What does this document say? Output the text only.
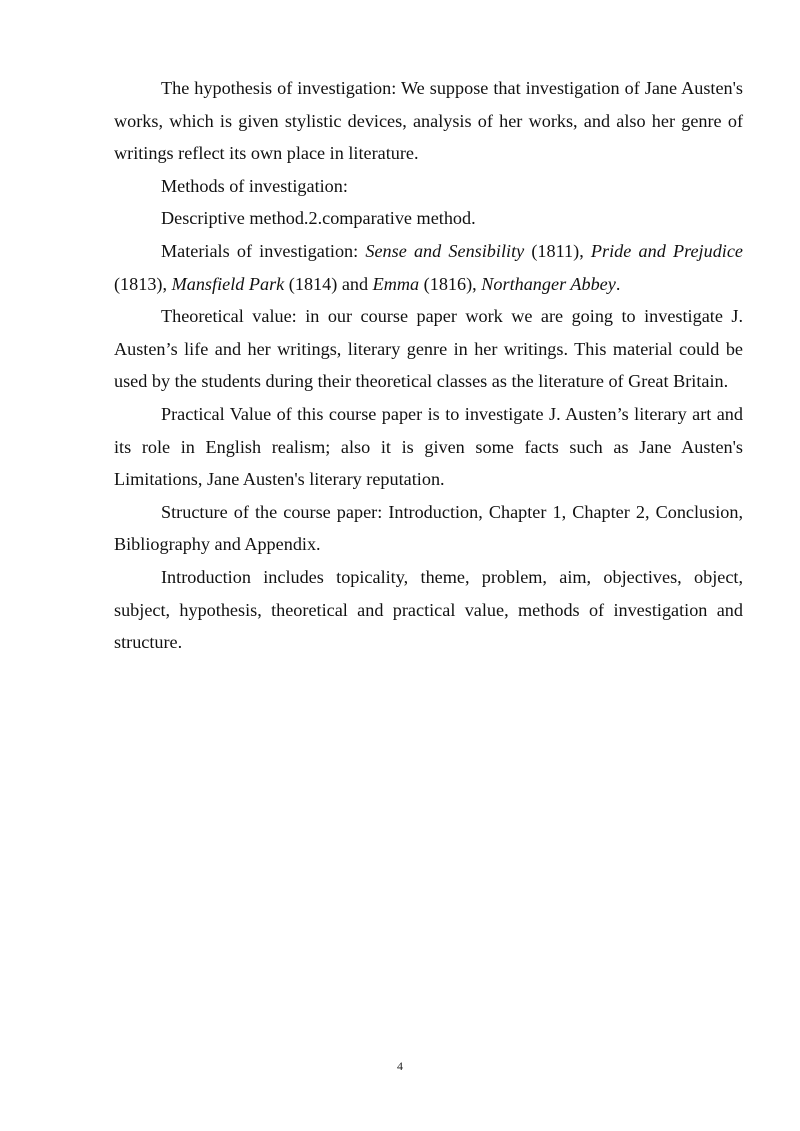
The hypothesis of investigation: We suppose that investigation of Jane Austen's works, which is given stylistic devices, analysis of her works, and also her genre of writings reflect its own place in literature.

Methods of investigation:

Descriptive method.2.comparative method.

Materials of investigation: Sense and Sensibility (1811), Pride and Prejudice (1813), Mansfield Park (1814) and Emma (1816), Northanger Abbey.

Theoretical value: in our course paper work we are going to investigate J. Austen’s life and her writings, literary genre in her writings. This material could be used by the students during their theoretical classes as the literature of Great Britain.

Practical Value of this course paper is to investigate J. Austen’s literary art and its role in English realism; also it is given some facts such as Jane Austen's Limitations, Jane Austen's literary reputation.

Structure of the course paper: Introduction, Chapter 1, Chapter 2, Conclusion, Bibliography and Appendix.

Introduction includes topicality, theme, problem, aim, objectives, object, subject, hypothesis, theoretical and practical value, methods of investigation and structure.

4
